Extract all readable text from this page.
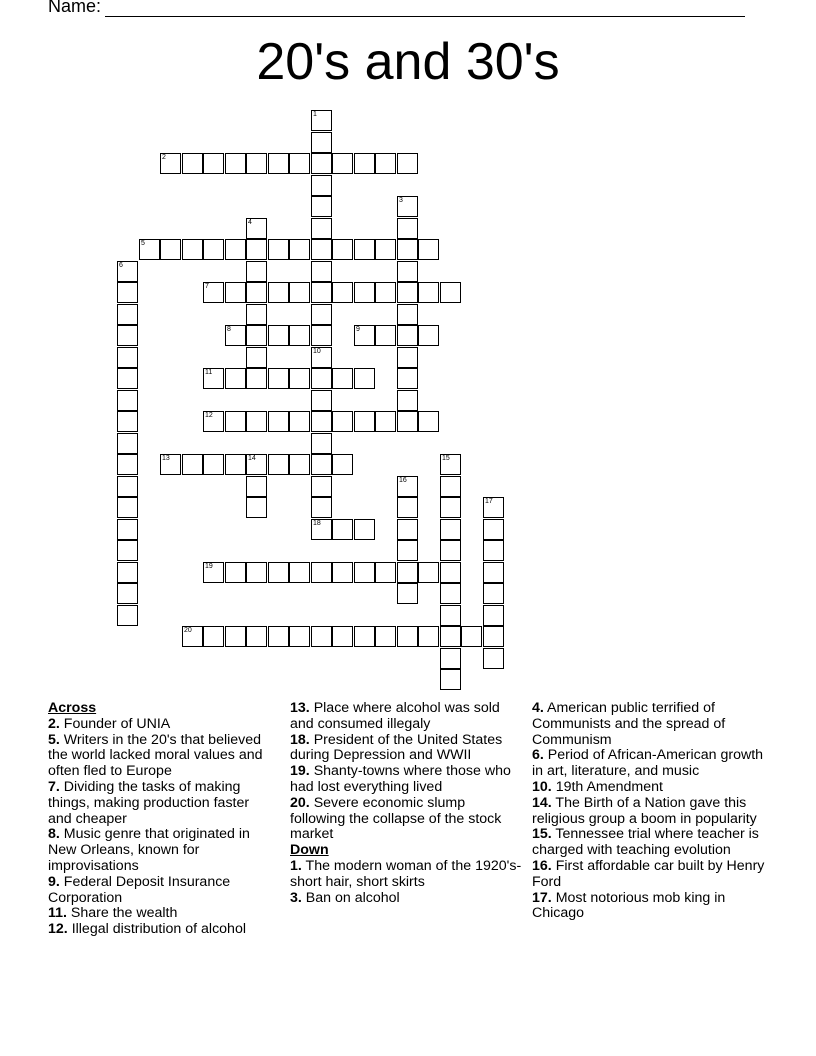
Name:
20's and 30's
1
10
2
3
4
5
6
7
8	9
11
12
13	14	15
16
17
18
19
20
Across

2. Founder of UNIA

5. Writers in the 20's that believed the world lacked moral values and often fled to Europe

7. Dividing the tasks of making things, making production faster and cheaper

8. Music genre that originated in New Orleans, known for improvisations

9. Federal Deposit Insurance Corporation

11. Share the wealth

12. Illegal distribution of alcohol

13. Place where alcohol was sold and consumed illegaly

18. President of the United States during Depression and WWII

19. Shanty-towns where those who had lost everything lived

20. Severe economic slump following the collapse of the stock market

Down

1. The modern woman of the 1920's- short hair, short skirts

3. Ban on alcohol

4. American public terrified of Communists and the spread of Communism

6. Period of African-American growth in art, literature, and music

10. 19th Amendment

14. The Birth of a Nation gave this religious group a boom in popularity

15. Tennessee trial where teacher is charged with teaching evolution

16. First affordable car built by Henry Ford

17. Most notorious mob king in Chicago
